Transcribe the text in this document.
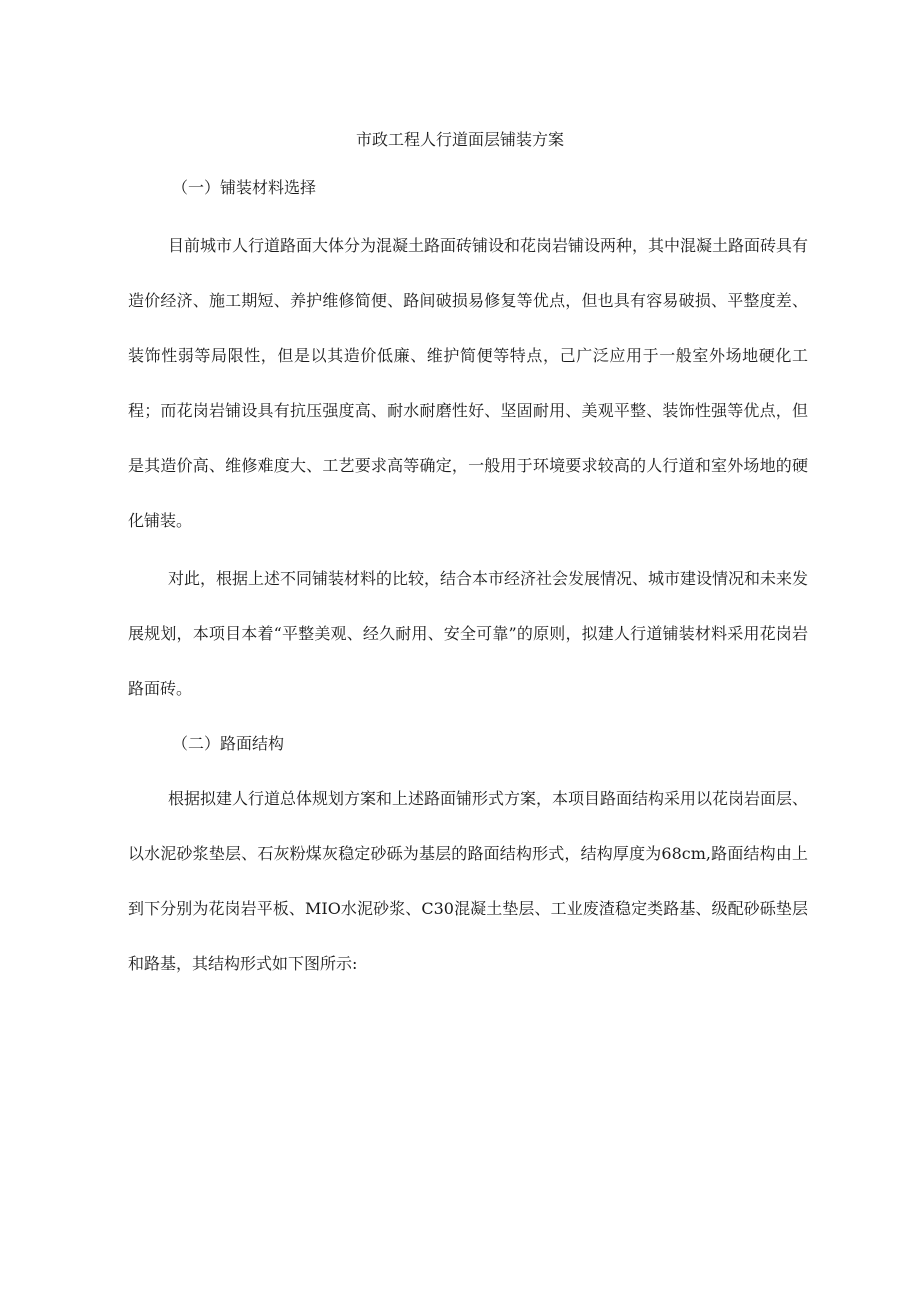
市政工程人行道面层铺装方案
（一）铺装材料选择

目前城市人行道路面大体分为混凝土路面砖铺设和花岗岩铺设两种，其中混凝土路面砖具有造价经济、施工期短、养护维修简便、路间破损易修复等优点，但也具有容易破损、平整度差、装饰性弱等局限性，但是以其造价低廉、维护简便等特点，己广泛应用于一般室外场地硬化工程；而花岗岩铺设具有抗压强度高、耐水耐磨性好、坚固耐用、美观平整、装饰性强等优点，但是其造价高、维修难度大、工艺要求高等确定，一般用于环境要求较高的人行道和室外场地的硬化铺装。

对此，根据上述不同铺装材料的比较，结合本市经济社会发展情况、城市建设情况和未来发展规划，本项目本着“平整美观、经久耐用、安全可靠”的原则，拟建人行道铺装材料采用花岗岩路面砖。

（二）路面结构

根据拟建人行道总体规划方案和上述路面铺形式方案，本项目路面结构采用以花岗岩面层、以水泥砂浆垫层、石灰粉煤灰稳定砂砾为基层的路面结构形式，结构厚度为68cm,路面结构由上到下分别为花岗岩平板、MIO水泥砂浆、C30混凝土垫层、工业废渣稳定类路基、级配砂砾垫层和路基，其结构形式如下图所示:
